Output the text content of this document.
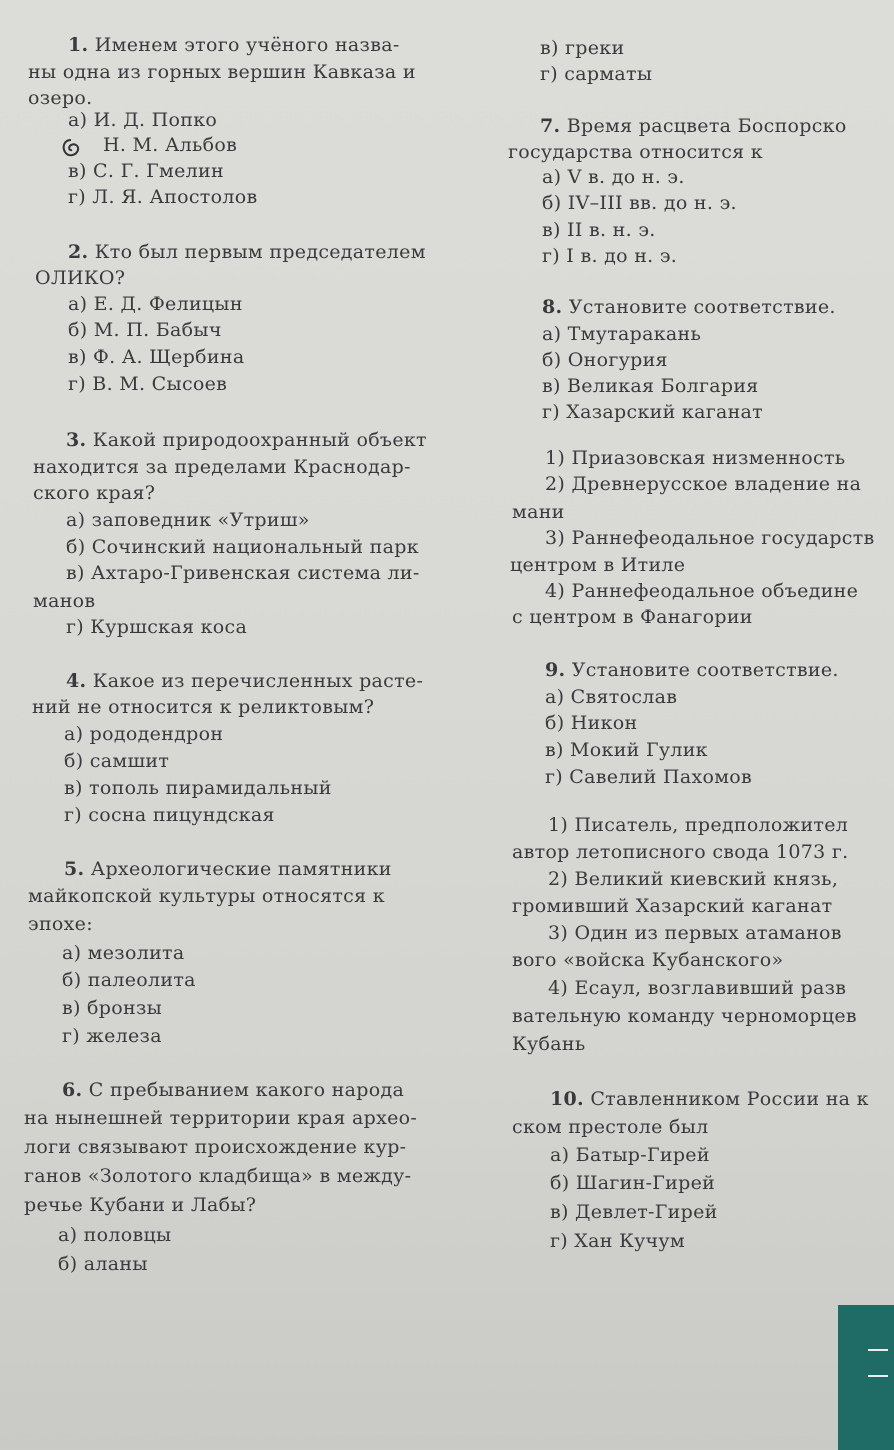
1. Именем этого учёного назва-
ны одна из горных вершин Кавказа и
озеро.
а) И. Д. Попко
Н. М. Альбов
в) С. Г. Гмелин
г) Л. Я. Апостолов
2. Кто был первым председателем
ОЛИКО?
а) Е. Д. Фелицын
б) М. П. Бабыч
в) Ф. А. Щербина
г) В. М. Сысоев
3. Какой природоохранный объект
находится за пределами Краснодар-
ского края?
а) заповедник «Утриш»
б) Сочинский национальный парк
в) Ахтаро-Гривенская система ли-
манов
г) Куршская коса
4. Какое из перечисленных расте-
ний не относится к реликтовым?
а) рододендрон
б) самшит
в) тополь пирамидальный
г) сосна пицундская
5. Археологические памятники
майкопской культуры относятся к
эпохе:
а) мезолита
б) палеолита
в) бронзы
г) железа
6. С пребыванием какого народа
на нынешней территории края архео-
логи связывают происхождение кур-
ганов «Золотого кладбища» в между-
речье Кубани и Лабы?
а) половцы
б) аланы
в) греки
г) сарматы
7. Время расцвета Боспорско
государства относится к
а) V в. до н. э.
б) IV–III вв. до н. э.
в) II в. н. э.
г) I в. до н. э.
8. Установите соответствие.
а) Тмутаракань
б) Оногурия
в) Великая Болгария
г) Хазарский каганат
1) Приазовская низменность
2) Древнерусское владение на
мани
3) Раннефеодальное государств
центром в Итиле
4) Раннефеодальное объедине
с центром в Фанагории
9. Установите соответствие.
а) Святослав
б) Никон
в) Мокий Гулик
г) Савелий Пахомов
1) Писатель, предположител
автор летописного свода 1073 г.
2) Великий киевский князь,
громивший Хазарский каганат
3) Один из первых атаманов
вого «войска Кубанского»
4) Есаул, возглавивший разв
вательную команду черноморцев
Кубань
10. Ставленником России на к
ском престоле был
а) Батыр-Гирей
б) Шагин-Гирей
в) Девлет-Гирей
г) Хан Кучум
